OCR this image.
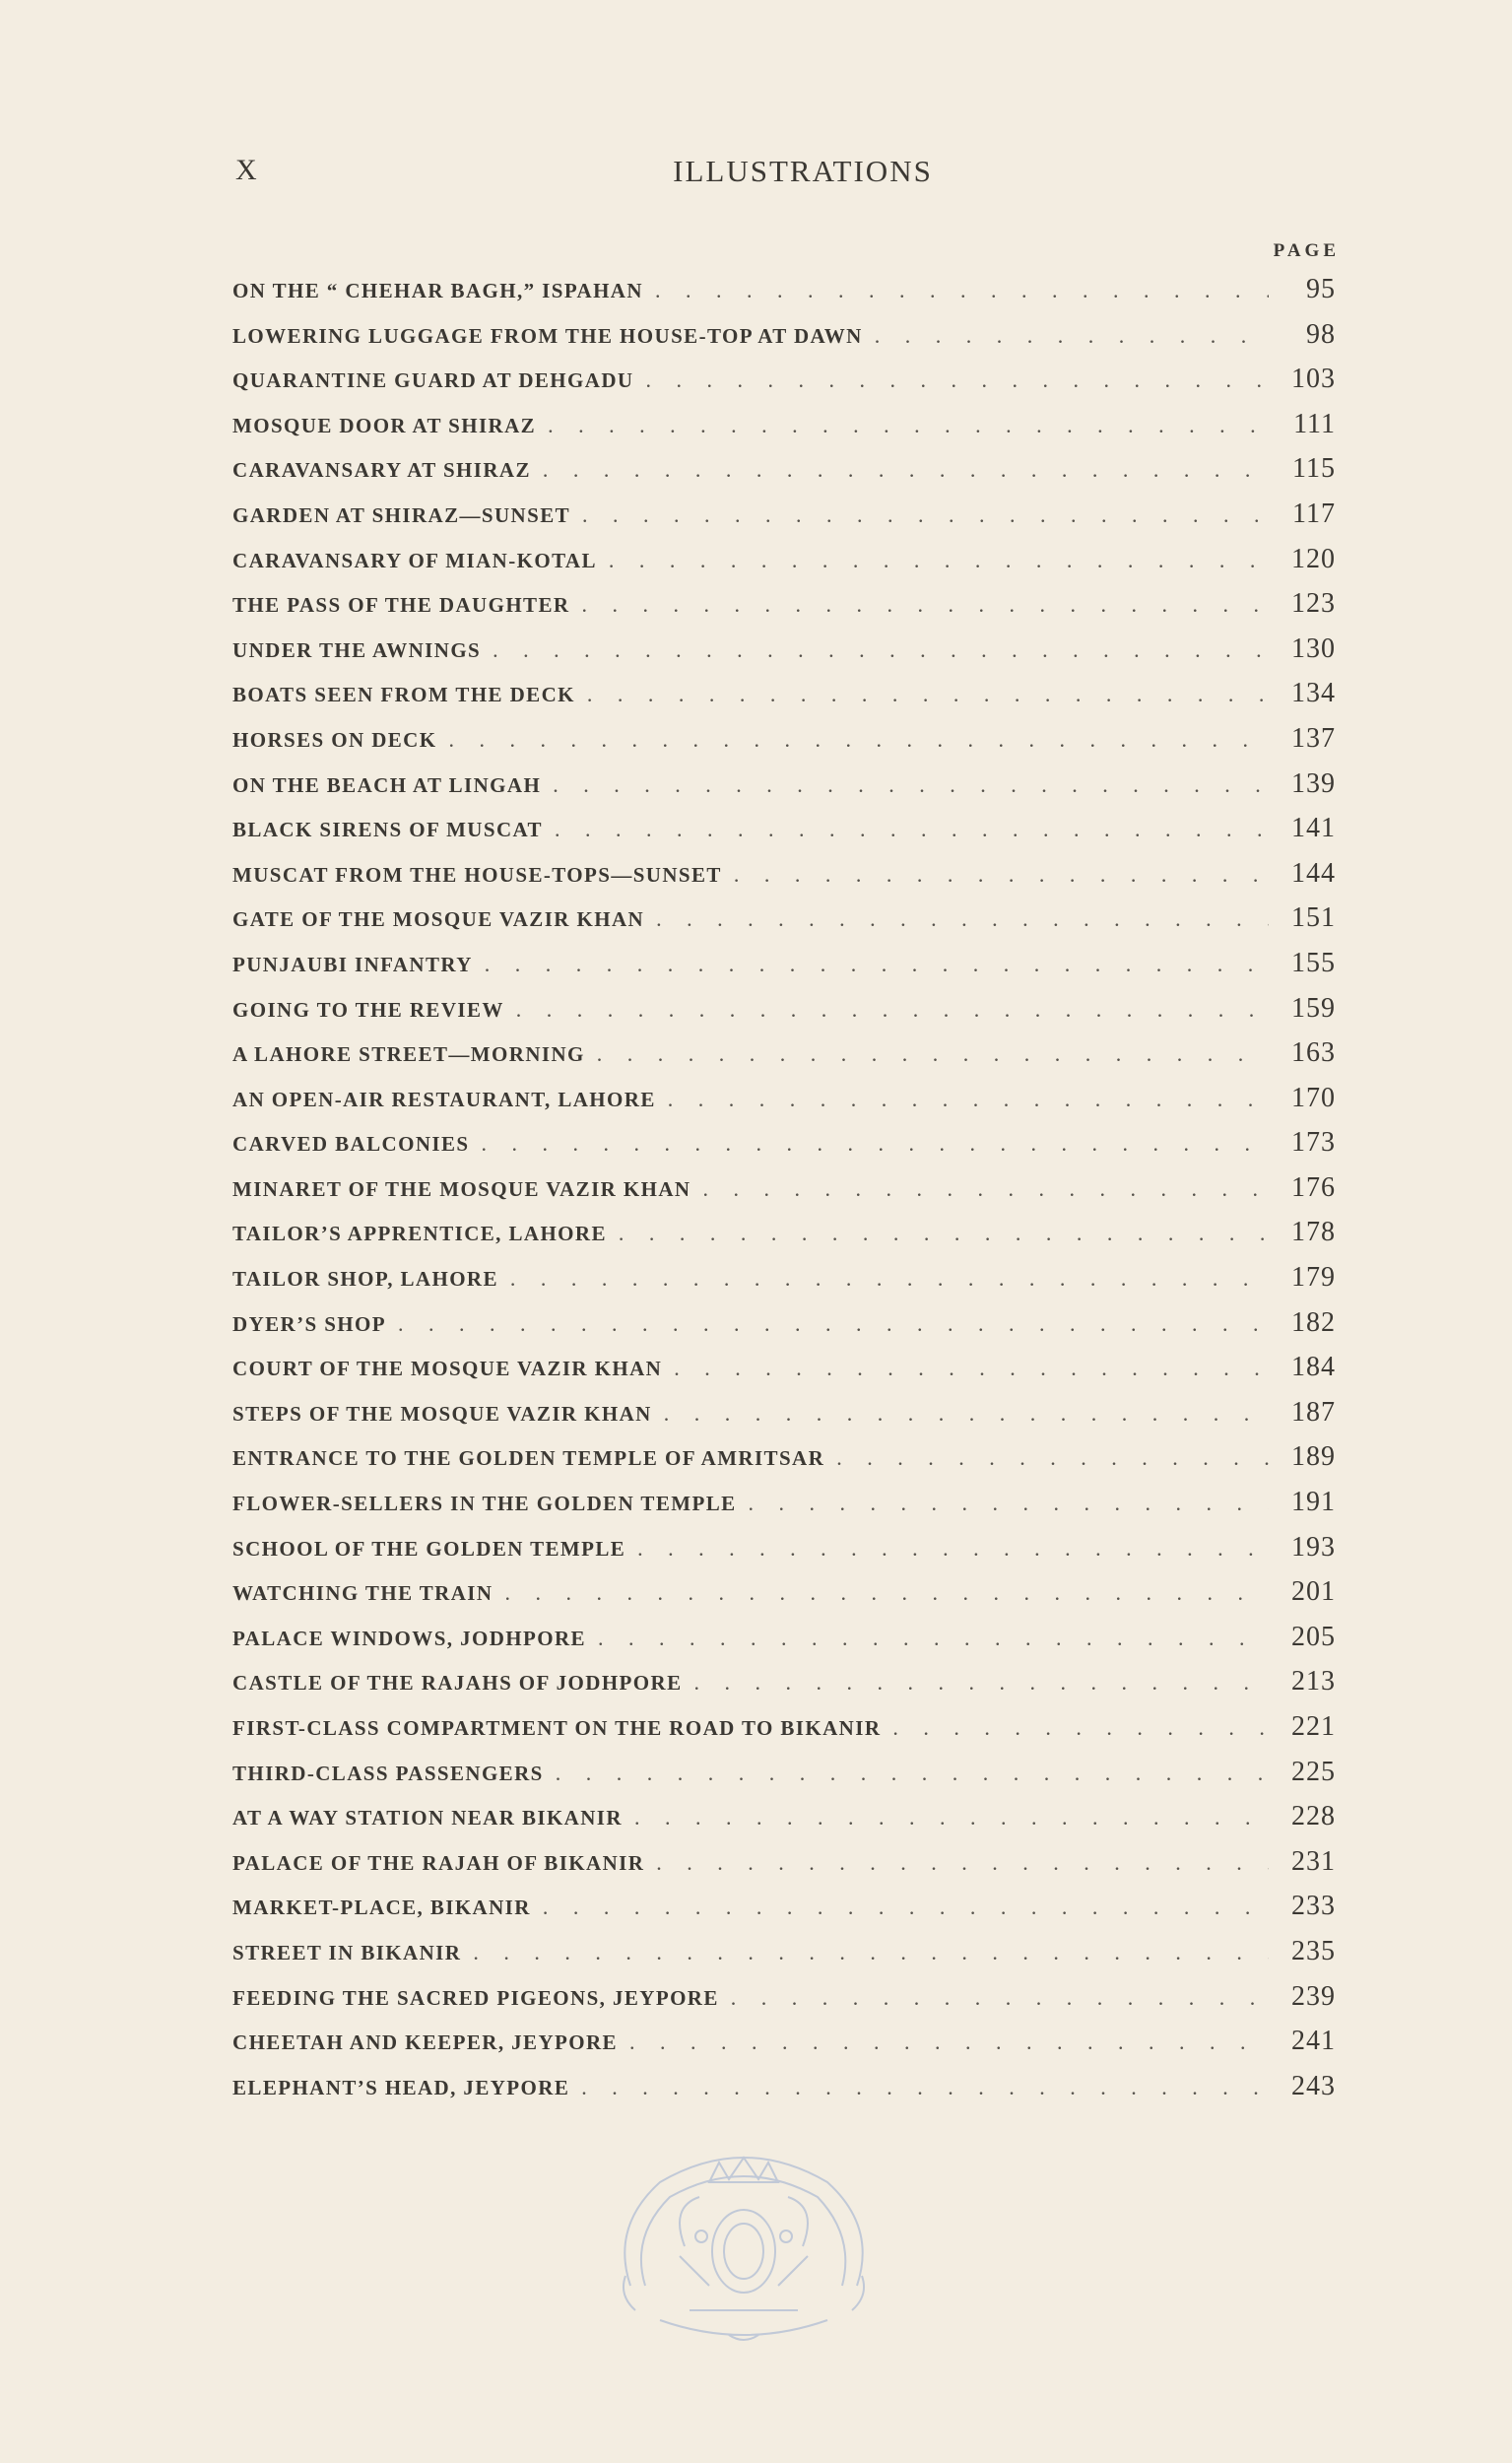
X	ILLUSTRATIONS
PAGE
ON THE “ CHEHAR BAGH,” ISPAHAN . . .	95
LOWERING LUGGAGE FROM THE HOUSE-TOP AT DAWN . . .	98
QUARANTINE GUARD AT DEHGADU . . .	103
MOSQUE DOOR AT SHIRAZ . . .	111
CARAVANSARY AT SHIRAZ . . .	115
GARDEN AT SHIRAZ—SUNSET . . .	117
CARAVANSARY OF MIAN-KOTAL . . .	120
THE PASS OF THE DAUGHTER . . .	123
UNDER THE AWNINGS . . .	130
BOATS SEEN FROM THE DECK . . .	134
HORSES ON DECK . . .	137
ON THE BEACH AT LINGAH . . .	139
BLACK SIRENS OF MUSCAT . . .	141
MUSCAT FROM THE HOUSE-TOPS—SUNSET . . .	144
GATE OF THE MOSQUE VAZIR KHAN . . .	151
PUNJAUBI INFANTRY . . .	155
GOING TO THE REVIEW . . .	159
A LAHORE STREET—MORNING . . .	163
AN OPEN-AIR RESTAURANT, LAHORE . . .	170
CARVED BALCONIES . . .	173
MINARET OF THE MOSQUE VAZIR KHAN . . .	176
TAILOR’S APPRENTICE, LAHORE . . .	178
TAILOR SHOP, LAHORE . . .	179
DYER’S SHOP . . .	182
COURT OF THE MOSQUE VAZIR KHAN . . .	184
STEPS OF THE MOSQUE VAZIR KHAN . . .	187
ENTRANCE TO THE GOLDEN TEMPLE OF AMRITSAR . . .	189
FLOWER-SELLERS IN THE GOLDEN TEMPLE . . .	191
SCHOOL OF THE GOLDEN TEMPLE . . .	193
WATCHING THE TRAIN . . .	201
PALACE WINDOWS, JODHPORE . . .	205
CASTLE OF THE RAJAHS OF JODHPORE . . .	213
FIRST-CLASS COMPARTMENT ON THE ROAD TO BIKANIR . . .	221
THIRD-CLASS PASSENGERS . . .	225
AT A WAY STATION NEAR BIKANIR . . .	228
PALACE OF THE RAJAH OF BIKANIR . . .	231
MARKET-PLACE, BIKANIR . . .	233
STREET IN BIKANIR . . .	235
FEEDING THE SACRED PIGEONS, JEYPORE . . .	239
CHEETAH AND KEEPER, JEYPORE . . .	241
ELEPHANT’S HEAD, JEYPORE . . .	243
